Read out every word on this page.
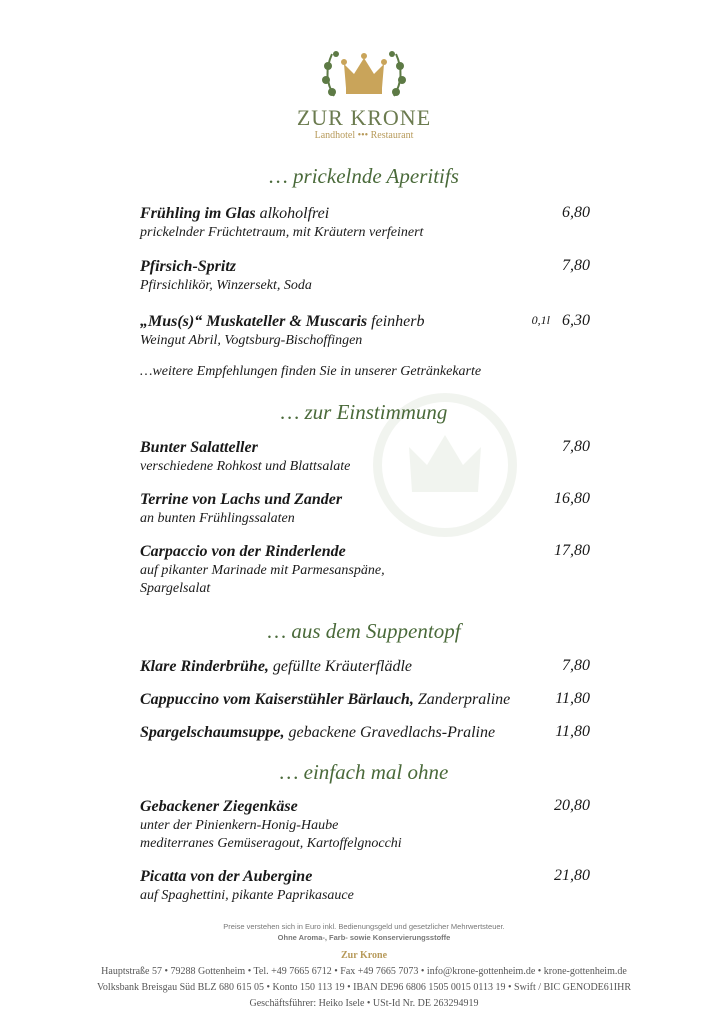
ZUR KRONE
Landhotel ••• Restaurant
… prickelnde Aperitifs
Frühling im Glas alkoholfrei
prickelnder Früchtetraum, mit Kräutern verfeinert
6,80
Pfirsich-Spritz
Pfirsichlikör, Winzersekt, Soda
7,80
„Mus(s)“ Muskateller & Muscaris feinherb
Weingut Abril, Vogtsburg-Bischoffingen
0,1l 6,30
…weitere Empfehlungen finden Sie in unserer Getränkekarte
… zur Einstimmung
Bunter Salatteller
verschiedene Rohkost und Blattsalate
7,80
Terrine von Lachs und Zander
an bunten Frühlingssalaten
16,80
Carpaccio von der Rinderlende
auf pikanter Marinade mit Parmesanspäne,
Spargelsalat
17,80
… aus dem Suppentopf
Klare Rinderbrühe, gefüllte Kräuterflädle	7,80
Cappuccino vom Kaiserstühler Bärlauch, Zanderpraline	11,80
Spargelschaumsuppe, gebackene Gravedlachs-Praline	11,80
… einfach mal ohne
Gebackener Ziegenkäse
unter der Pinienkern-Honig-Haube
mediterranes Gemüseragout, Kartoffelgnocchi
20,80
Picatta von der Aubergine
auf Spaghettini, pikante Paprikasauce
21,80
Preise verstehen sich in Euro inkl. Bedienungsgeld und gesetzlicher Mehrwertsteuer.
Ohne Aroma-, Farb- sowie Konservierungsstoffe
Zur Krone
Hauptstraße 57 • 79288 Gottenheim • Tel. +49 7665 6712 • Fax +49 7665 7073 • info@krone-gottenheim.de • krone-gottenheim.de
Volksbank Breisgau Süd BLZ 680 615 05 • Konto 150 113 19 • IBAN DE96 6806 1505 0015 0113 19 • Swift / BIC GENODE61IHR
Geschäftsführer: Heiko Isele • USt-Id Nr. DE 263294919
